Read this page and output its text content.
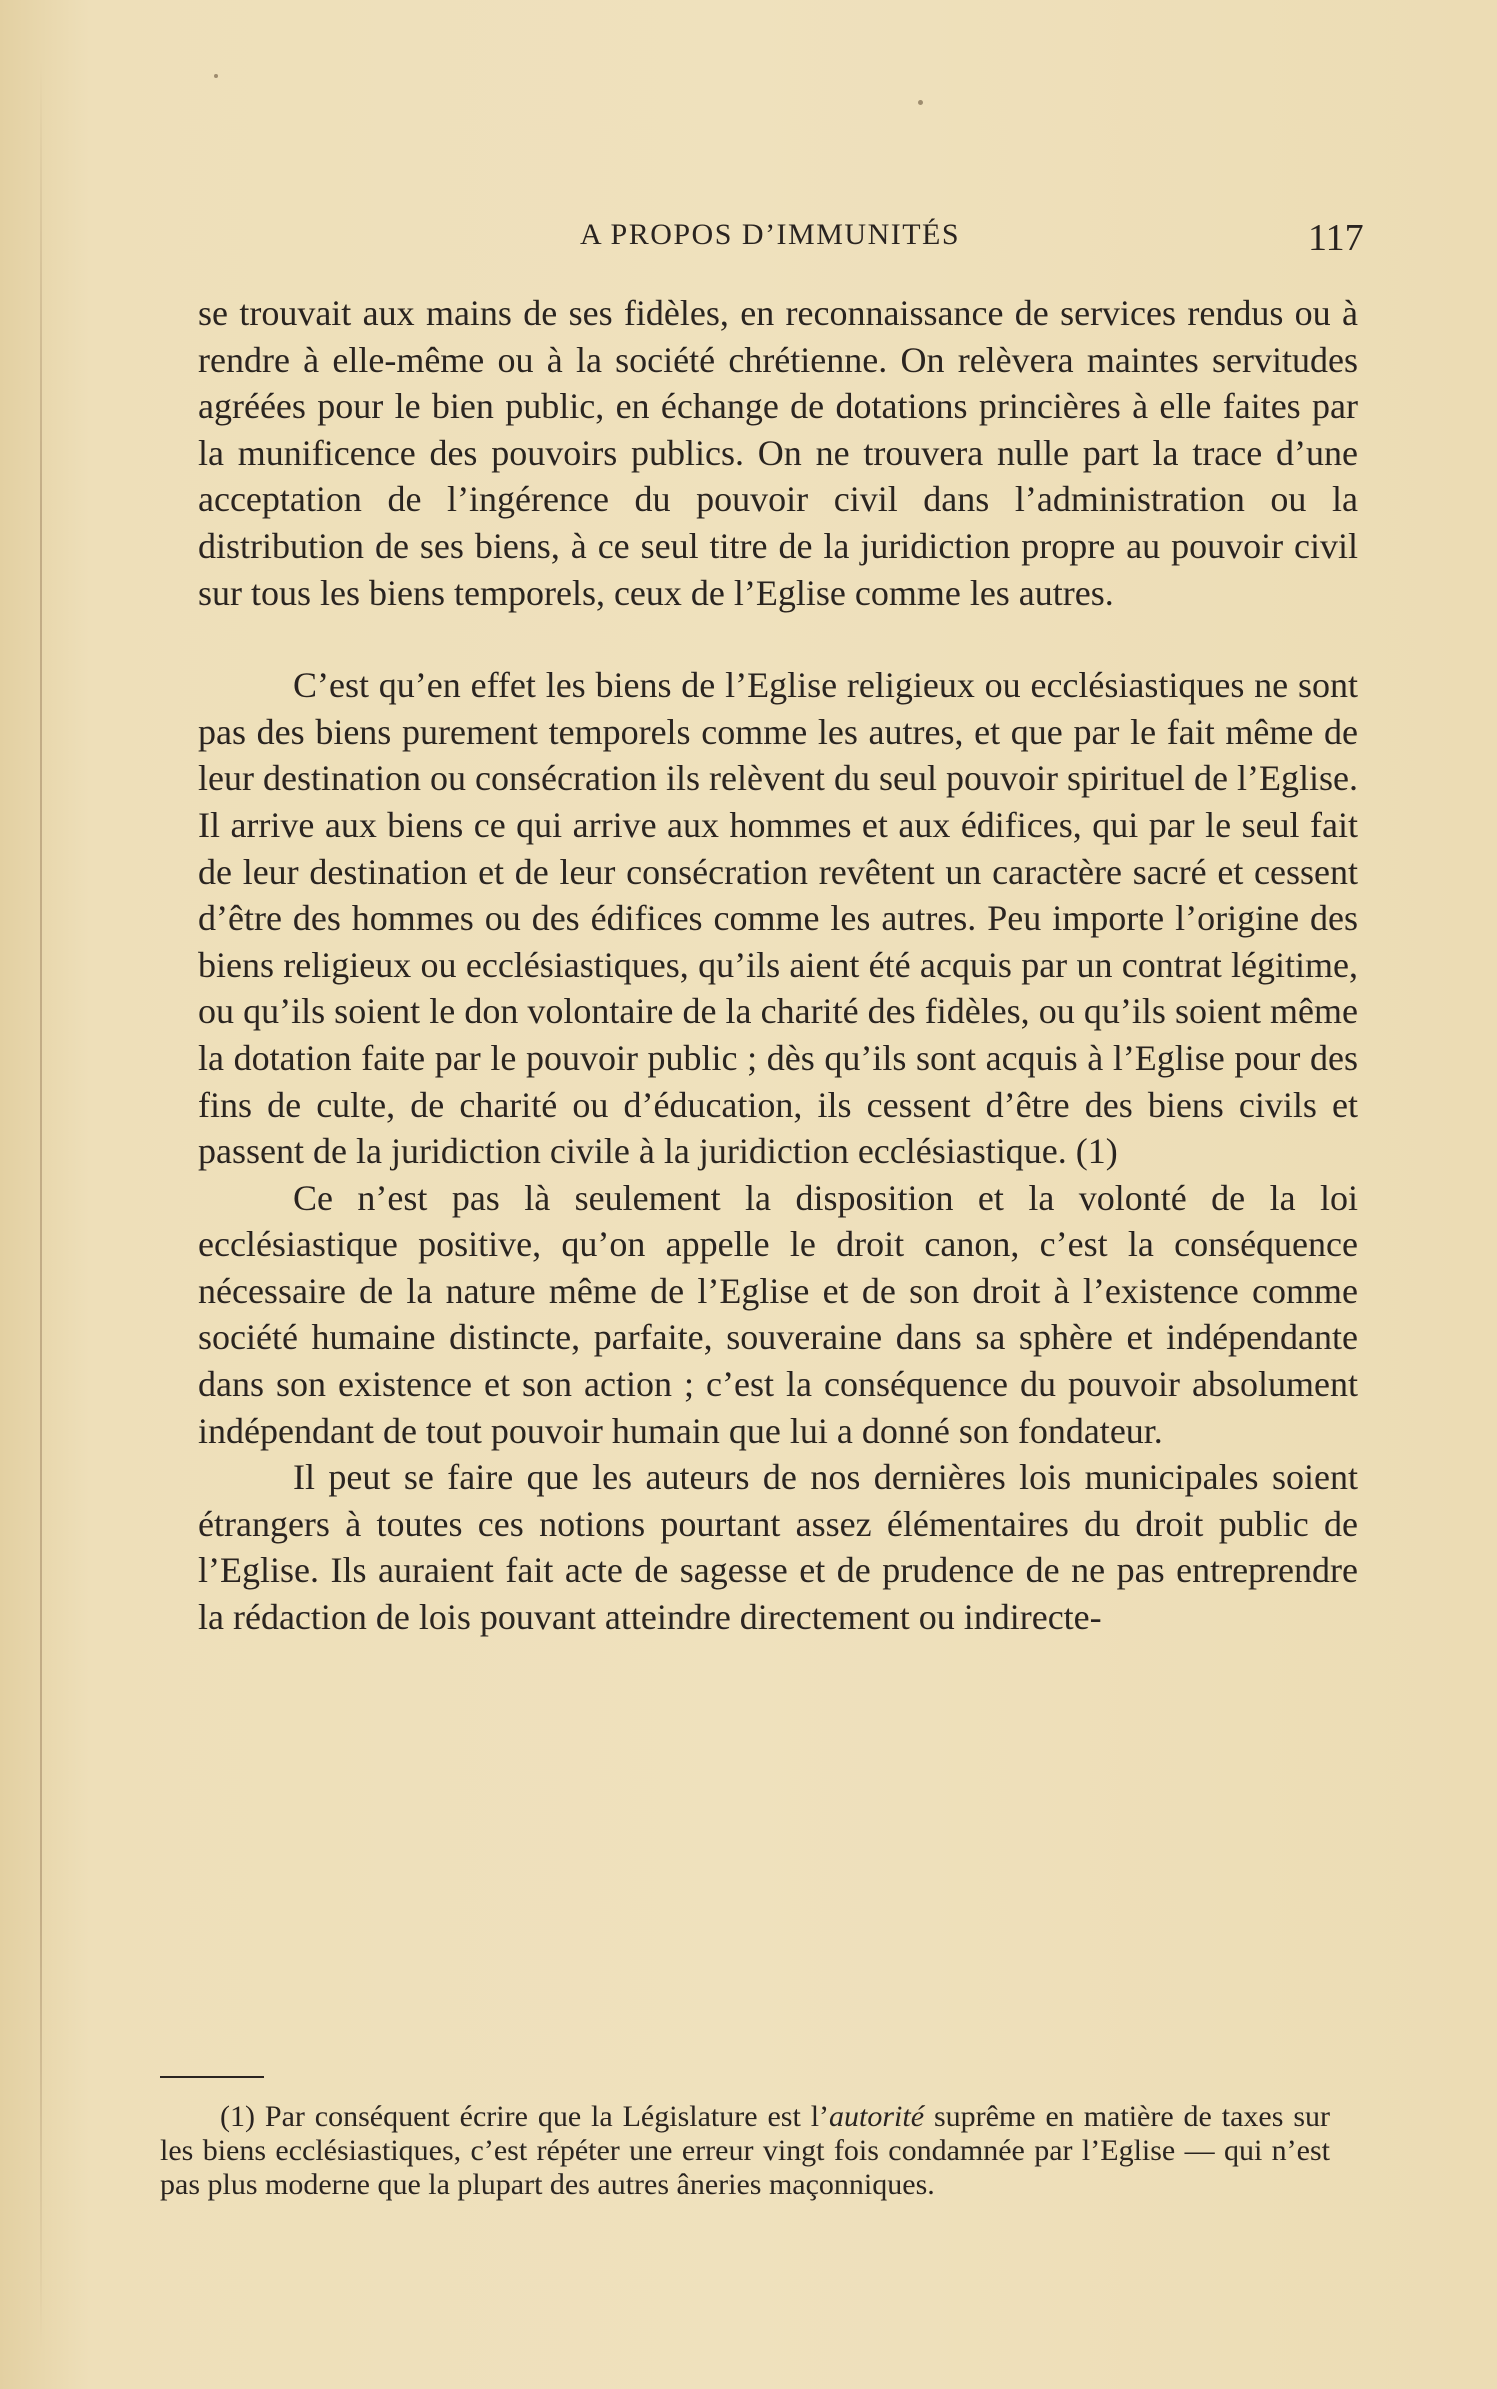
A PROPOS D’IMMUNITÉS	117

se trouvait aux mains de ses fidèles, en reconnaissance de services rendus ou à rendre à elle-même ou à la société chrétienne. On relèvera maintes servitudes agréées pour le bien public, en échange de dotations princières à elle faites par la munificence des pouvoirs publics. On ne trouvera nulle part la trace d’une acceptation de l’ingérence du pouvoir civil dans l’administration ou la distribution de ses biens, à ce seul titre de la juridiction propre au pouvoir civil sur tous les biens temporels, ceux de l’Eglise comme les autres.

C’est qu’en effet les biens de l’Eglise religieux ou ecclésiastiques ne sont pas des biens purement temporels comme les autres, et que par le fait même de leur destination ou consécration ils relèvent du seul pouvoir spirituel de l’Eglise. Il arrive aux biens ce qui arrive aux hommes et aux édifices, qui par le seul fait de leur destination et de leur consécration revêtent un caractère sacré et cessent d’être des hommes ou des édifices comme les autres. Peu importe l’origine des biens religieux ou ecclésiastiques, qu’ils aient été acquis par un contrat légitime, ou qu’ils soient le don volontaire de la charité des fidèles, ou qu’ils soient même la dotation faite par le pouvoir public ; dès qu’ils sont acquis à l’Eglise pour des fins de culte, de charité ou d’éducation, ils cessent d’être des biens civils et passent de la juridiction civile à la juridiction ecclésiastique. (1)

Ce n’est pas là seulement la disposition et la volonté de la loi ecclésiastique positive, qu’on appelle le droit canon, c’est la conséquence nécessaire de la nature même de l’Eglise et de son droit à l’existence comme société humaine distincte, parfaite, souveraine dans sa sphère et indépendante dans son existence et son action ; c’est la conséquence du pouvoir absolument indépendant de tout pouvoir humain que lui a donné son fondateur.

Il peut se faire que les auteurs de nos dernières lois municipales soient étrangers à toutes ces notions pourtant assez élémentaires du droit public de l’Eglise. Ils auraient fait acte de sagesse et de prudence de ne pas entreprendre la rédaction de lois pouvant atteindre directement ou indirecte-

(1) Par conséquent écrire que la Législature est l’autorité suprême en matière de taxes sur les biens ecclésiastiques, c’est répéter une erreur vingt fois condamnée par l’Eglise — qui n’est pas plus moderne que la plupart des autres âneries maçonniques.
